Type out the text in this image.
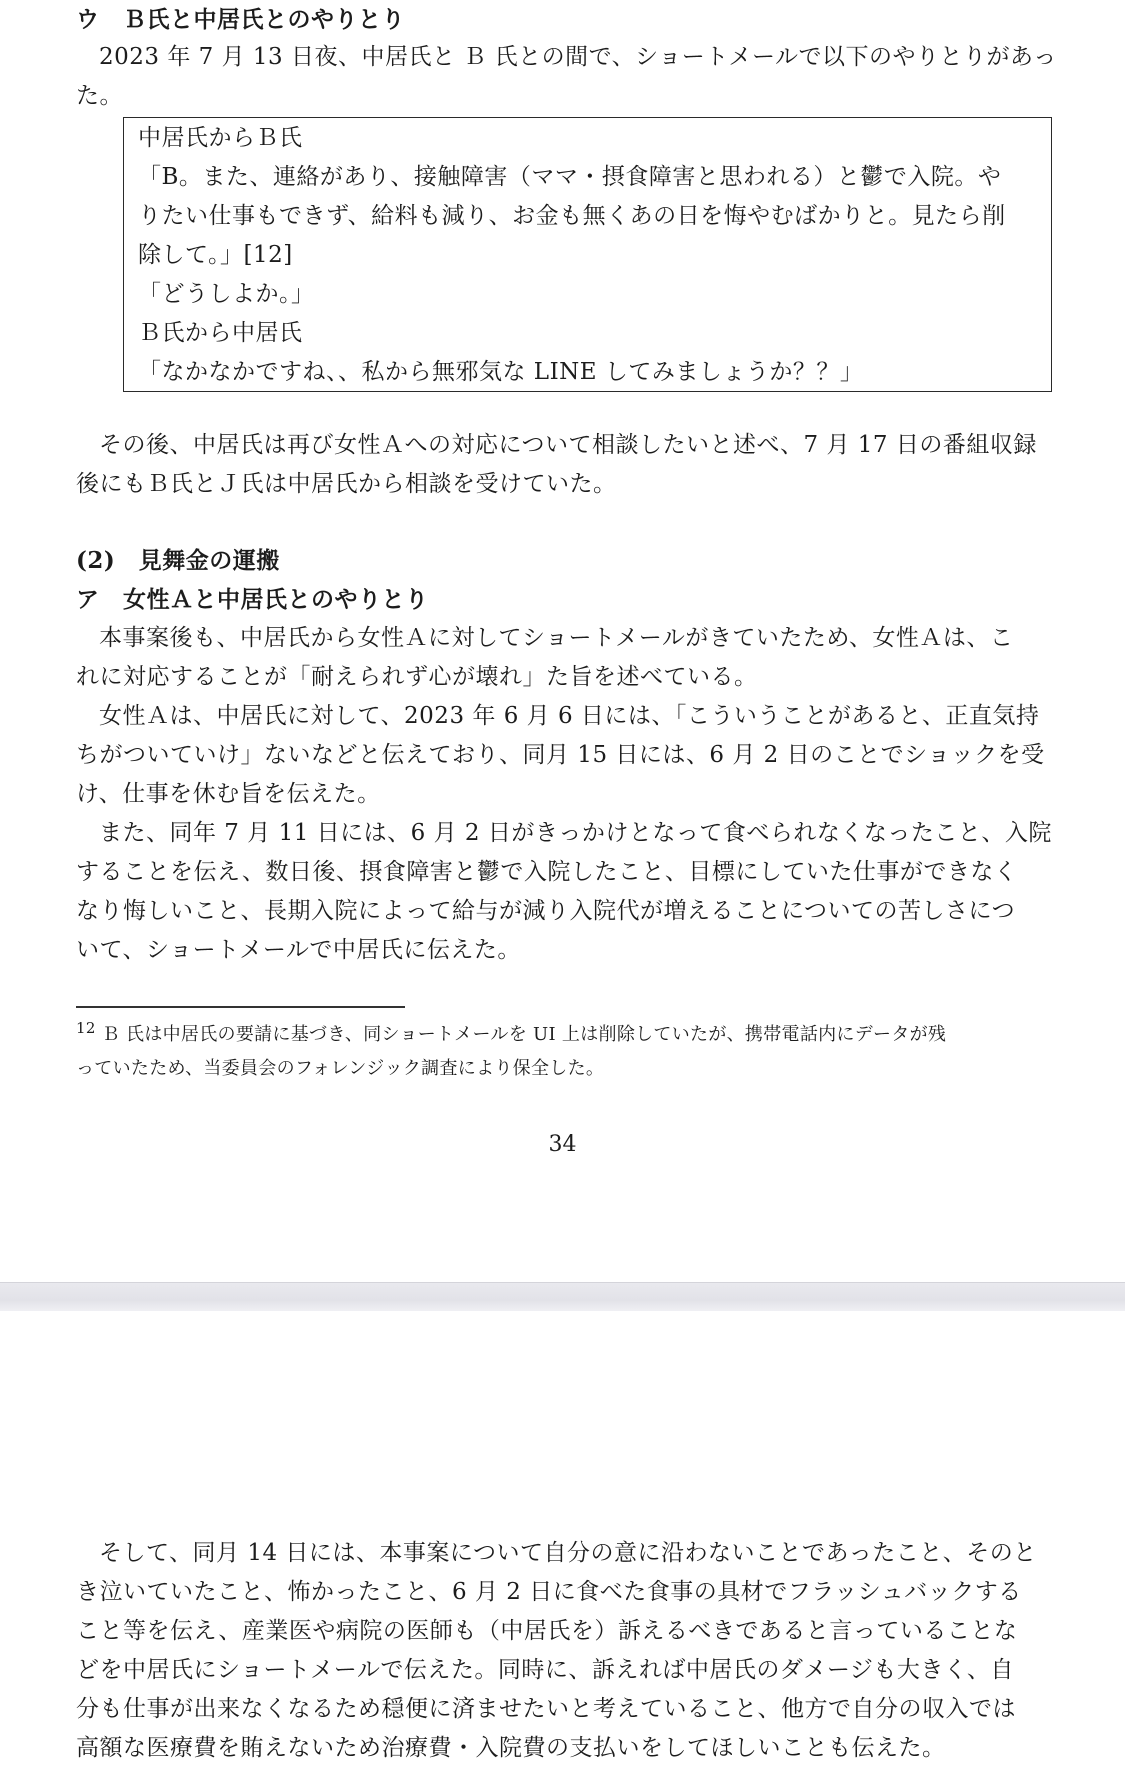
ウ　Ｂ氏と中居氏とのやりとり
2023 年 7 月 13 日夜、中居氏と Ｂ 氏との間で、ショートメールで以下のやりとりがあっ
た。
中居氏からＢ氏
「B。また、連絡があり、接触障害（ママ・摂食障害と思われる）と鬱で入院。や
りたい仕事もできず、給料も減り、お金も無くあの日を悔やむばかりと。見たら削
除して。」[12]
「どうしよか。」
Ｂ氏から中居氏
「なかなかですね、、私から無邪気な LINE してみましょうか？？」
その後、中居氏は再び女性Ａへの対応について相談したいと述べ、7 月 17 日の番組収録
後にもＢ氏とＪ氏は中居氏から相談を受けていた。
(2)　見舞金の運搬
ア　女性Ａと中居氏とのやりとり
本事案後も、中居氏から女性Ａに対してショートメールがきていたため、女性Ａは、こ
れに対応することが「耐えられず心が壊れ」た旨を述べている。
女性Ａは、中居氏に対して、2023 年 6 月 6 日には、「こういうことがあると、正直気持
ちがついていけ」ないなどと伝えており、同月 15 日には、6 月 2 日のことでショックを受
け、仕事を休む旨を伝えた。
また、同年 7 月 11 日には、6 月 2 日がきっかけとなって食べられなくなったこと、入院
することを伝え、数日後、摂食障害と鬱で入院したこと、目標にしていた仕事ができなく
なり悔しいこと、長期入院によって給与が減り入院代が増えることについての苦しさにつ
いて、ショートメールで中居氏に伝えた。
$^{12}$ Ｂ 氏は中居氏の要請に基づき、同ショートメールを UI 上は削除していたが、携帯電話内にデータが残
っていたため、当委員会のフォレンジック調査により保全した。
34
そして、同月 14 日には、本事案について自分の意に沿わないことであったこと、そのと
き泣いていたこと、怖かったこと、6 月 2 日に食べた食事の具材でフラッシュバックする
こと等を伝え、産業医や病院の医師も（中居氏を）訴えるべきであると言っていることな
どを中居氏にショートメールで伝えた。同時に、訴えれば中居氏のダメージも大きく、自
分も仕事が出来なくなるため穏便に済ませたいと考えていること、他方で自分の収入では
高額な医療費を賄えないため治療費・入院費の支払いをしてほしいことも伝えた。
